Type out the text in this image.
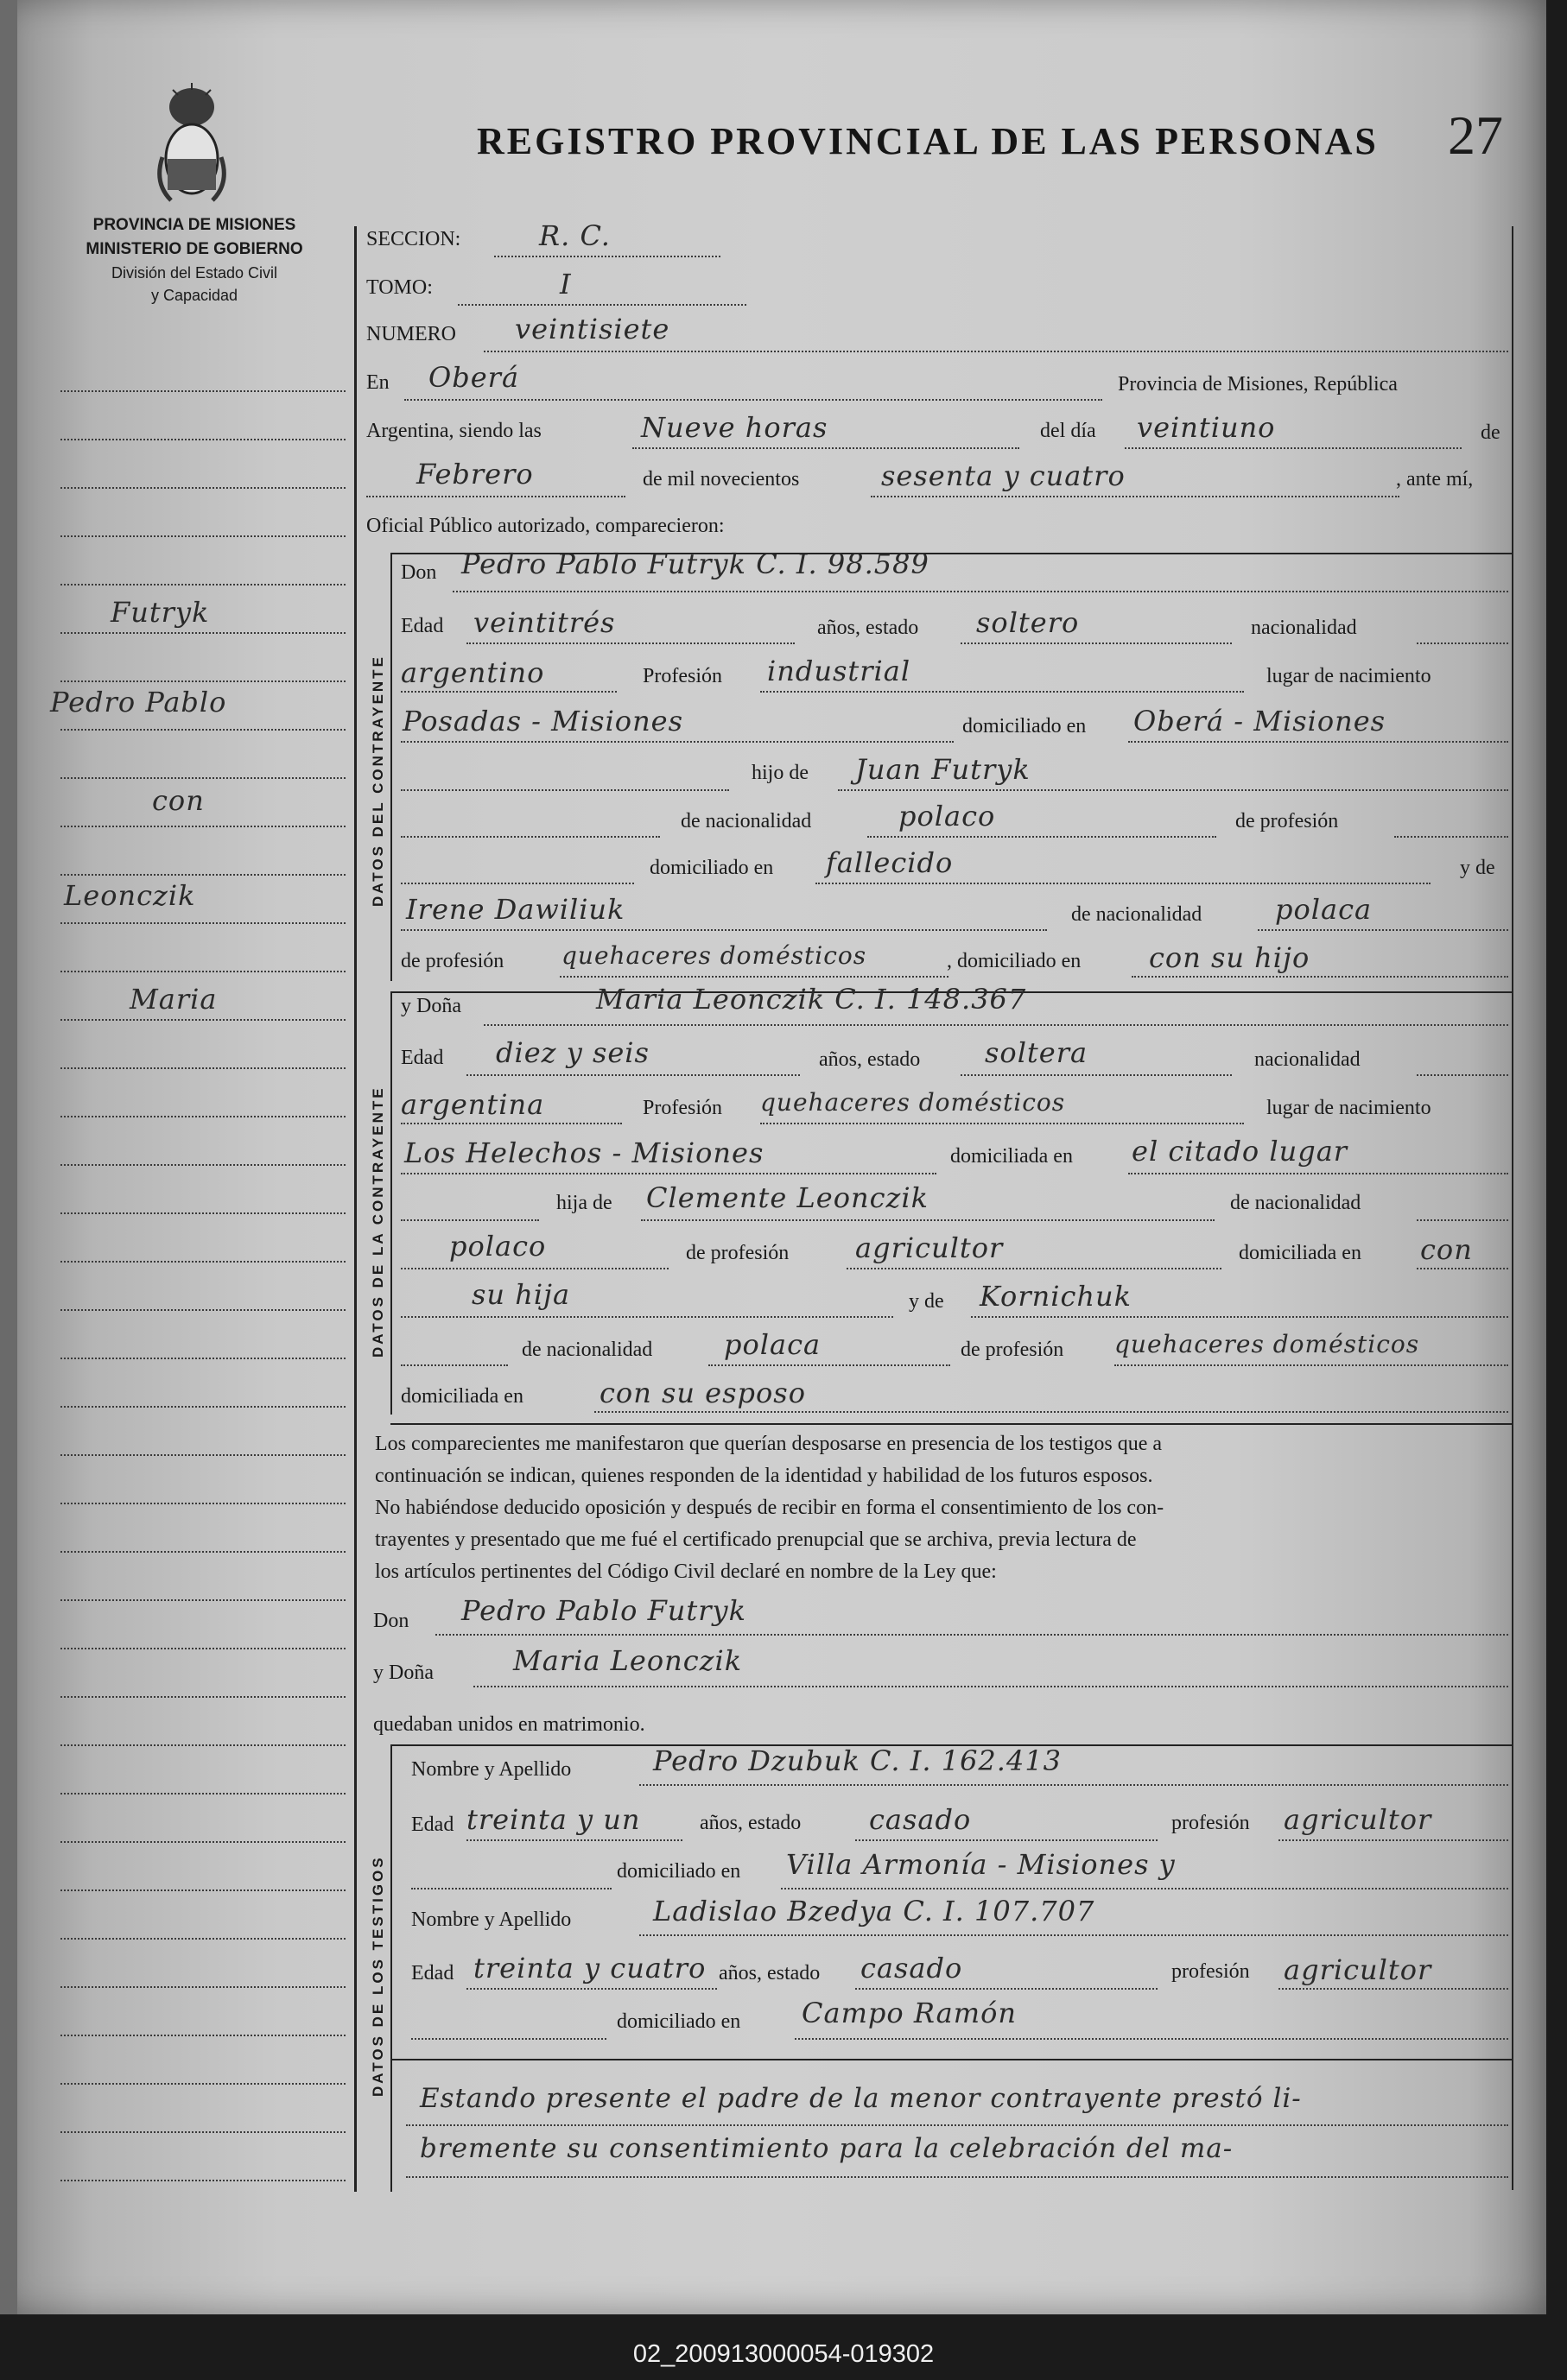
PROVINCIA DE MISIONES
MINISTERIO DE GOBIERNO
División del Estado Civil
y Capacidad
REGISTRO PROVINCIAL DE LAS PERSONAS 27
Futryk
Pedro Pablo
con
Leonczik
Maria
SECCION:	R. C.
TOMO:	I
NUMERO veintisiete
En Oberá	Provincia de Misiones, República
Argentina, siendo las	Nueve horas	del día veintiuno	de
Febrero	de mil novecientos	sesenta y cuatro	, ante mí,
Oficial Público autorizado, comparecieron:
DATOS DEL CONTRAYENTE
Don Pedro Pablo Futryk C. I. 98.589
Edad veintitrés	años, estado soltero	nacionalidad
argentino	Profesión industrial	lugar de nacimiento
Posadas - Misiones	domiciliado en Oberá - Misiones
hijo de Juan Futryk
de nacionalidad	polaco	de profesión
domiciliado en fallecido	y de
Irene Dawiliuk	de nacionalidad	polaca
de profesión quehaceres domésticos	, domiciliado en con su hijo
DATOS DE LA CONTRAYENTE
y Doña	Maria Leonczik C. I. 148.367
Edad diez y seis	años, estado soltera	nacionalidad
argentina	Profesión quehaceres domésticos	lugar de nacimiento
Los Helechos - Misiones	domiciliada en el citado lugar
hija de Clemente Leonczik	de nacionalidad
polaco	de profesión agricultor	domiciliada en con
su hija	y de Kornichuk
de nacionalidad	polaca	de profesión quehaceres domésticos
domiciliada en	con su esposo
Los comparecientes me manifestaron que querían desposarse en presencia de los testigos que a
continuación se indican, quienes responden de la identidad y habilidad de los futuros esposos.
No habiéndose deducido oposición y después de recibir en forma el consentimiento de los con-
trayentes y presentado que me fué el certificado prenupcial que se archiva, previa lectura de
los artículos pertinentes del Código Civil declaré en nombre de la Ley que:
Don Pedro Pablo Futryk
y Doña	Maria Leonczik
quedaban unidos en matrimonio.
DATOS DE LOS TESTIGOS
Nombre y Apellido	Pedro Dzubuk C. I. 162.413
Edad treinta y un	años, estado casado	profesión agricultor
domiciliado en Villa Armonía - Misiones y
Nombre y Apellido	Ladislao Bzedya C. I. 107.707
Edad treinta y cuatro años, estado casado	profesión agricultor
domiciliado en Campo Ramón
Estando presente el padre de la menor contrayente prestó li-
bremente su consentimiento para la celebración del ma-
02_200913000054-019302
